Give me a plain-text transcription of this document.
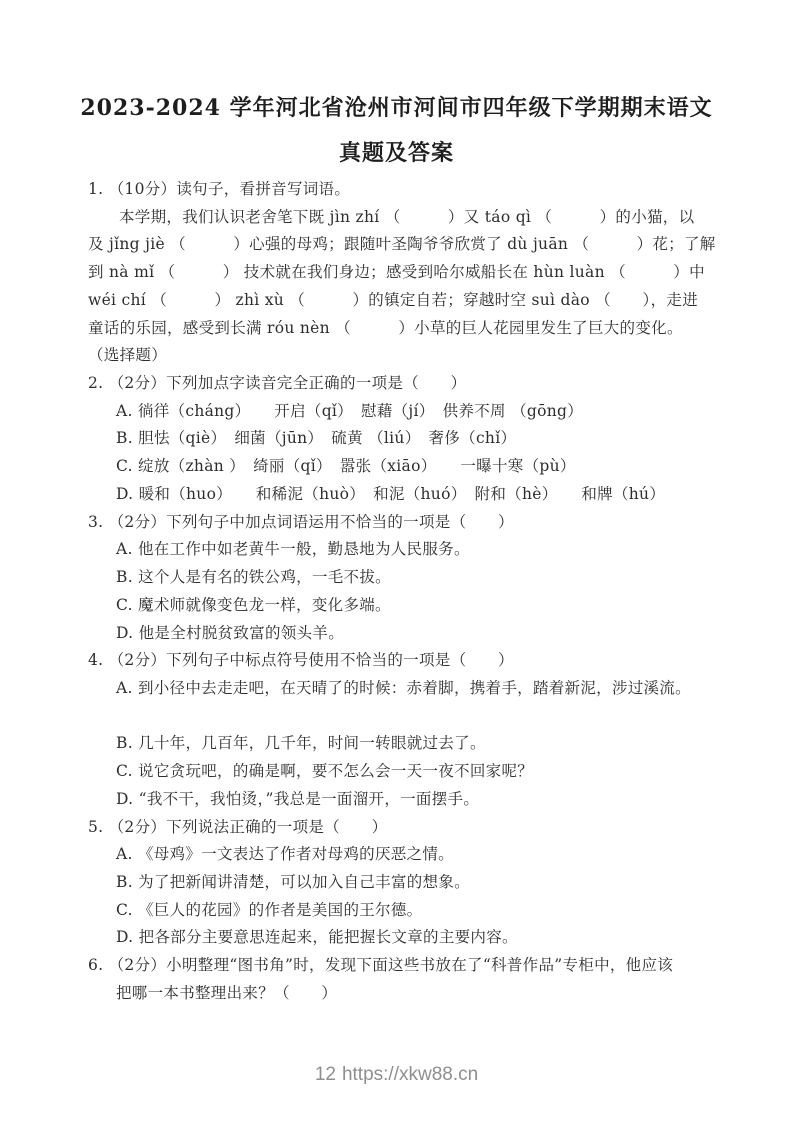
2023-2024 学年河北省沧州市河间市四年级下学期期末语文
真题及答案
1. （10分）读句子，看拼音写词语。
本学期，我们认识老舍笔下既 jìn zhí （　　　）又 táo qì （　　　）的小猫，以
及 jǐng jiè （　　　）心强的母鸡；跟随叶圣陶爷爷欣赏了 dù juān （　　　）花；了解
到 nà mǐ （　　　） 技术就在我们身边；感受到哈尔威船长在 hùn luàn （　　　）中
wéi chí （　　　） zhì xù （　　　）的镇定自若；穿越时空 suì dào （　　），走进
童话的乐园，感受到长满 róu nèn （　　　）小草的巨人花园里发生了巨大的变化。
（选择题）
2. （2分）下列加点字读音完全正确的一项是（　　）
A. 徜徉（cháng）　　开启（qǐ）　慰藉（jí）　供养不周 （gōng）
B. 胆怯（qiè）　细菌（jūn）　硫黄 （liú）　奢侈（chǐ）
C. 绽放（zhàn ）　绮丽（qǐ）　嚣张（xiāo）　　一曝十寒（pù）
D. 暖和（huo）　　和稀泥（huò）　和泥（huó）　附和（hè）　　和牌（hú）
3. （2分）下列句子中加点词语运用不恰当的一项是（　　）
A. 他在工作中如老黄牛一般，勤恳地为人民服务。
B. 这个人是有名的铁公鸡，一毛不拔。
C. 魔术师就像变色龙一样，变化多端。
D. 他是全村脱贫致富的领头羊。
4. （2分）下列句子中标点符号使用不恰当的一项是（　　）
A. 到小径中去走走吧，在天晴了的时候：赤着脚，携着手，踏着新泥，涉过溪流。
B. 几十年，几百年，几千年，时间一转眼就过去了。
C. 说它贪玩吧，的确是啊，要不怎么会一天一夜不回家呢？
D. “我不干，我怕烫，”我总是一面溜开，一面摆手。
5. （2分）下列说法正确的一项是（　　）
A. 《母鸡》一文表达了作者对母鸡的厌恶之情。
B. 为了把新闻讲清楚，可以加入自己丰富的想象。
C. 《巨人的花园》的作者是美国的王尔德。
D. 把各部分主要意思连起来，能把握长文章的主要内容。
6. （2分）小明整理“图书角”时，发现下面这些书放在了“科普作品”专柜中，他应该
把哪一本书整理出来？（　　）
12 https://xkw88.cn
